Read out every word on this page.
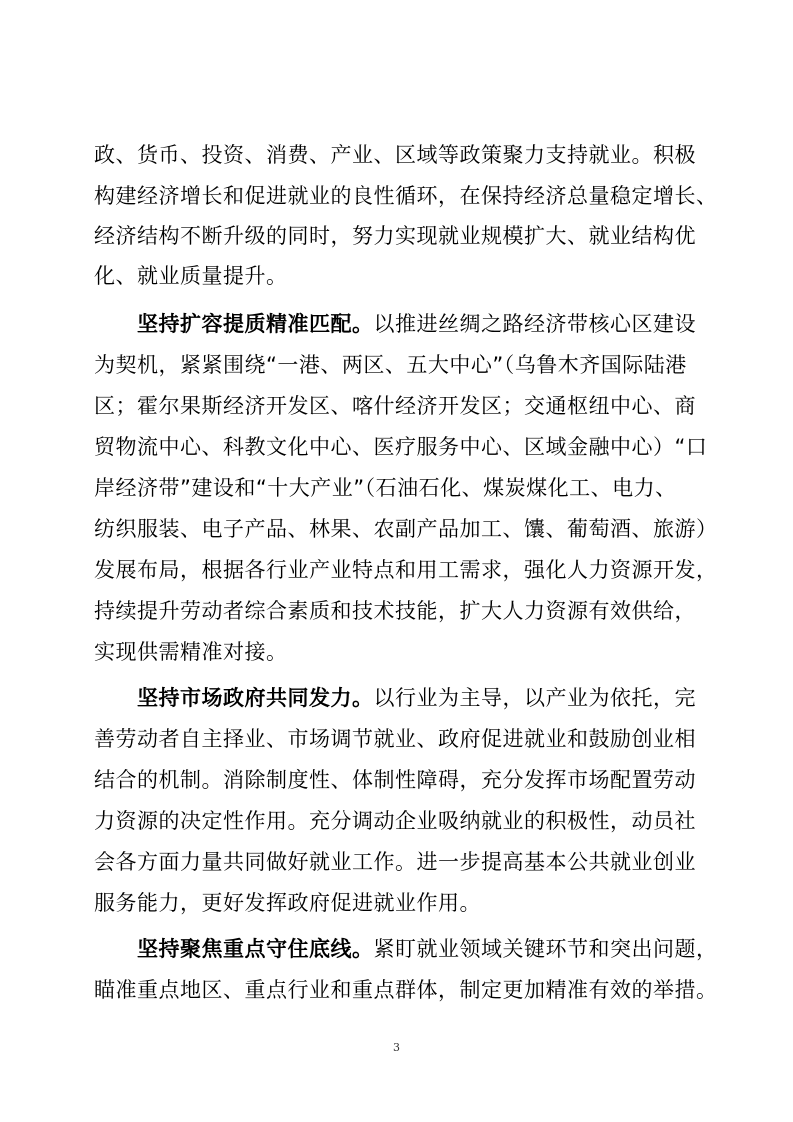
政、货币、投资、消费、产业、区域等政策聚力支持就业。积极
构建经济增长和促进就业的良性循环，在保持经济总量稳定增长、
经济结构不断升级的同时，努力实现就业规模扩大、就业结构优
化、就业质量提升。
坚持扩容提质精准匹配。以推进丝绸之路经济带核心区建设
为契机，紧紧围绕“一港、两区、五大中心”（乌鲁木齐国际陆港
区；霍尔果斯经济开发区、喀什经济开发区；交通枢纽中心、商
贸物流中心、科教文化中心、医疗服务中心、区域金融中心）“口
岸经济带”建设和“十大产业”（石油石化、煤炭煤化工、电力、
纺织服装、电子产品、林果、农副产品加工、馕、葡萄酒、旅游）
发展布局，根据各行业产业特点和用工需求，强化人力资源开发，
持续提升劳动者综合素质和技术技能，扩大人力资源有效供给，
实现供需精准对接。
坚持市场政府共同发力。以行业为主导，以产业为依托，完
善劳动者自主择业、市场调节就业、政府促进就业和鼓励创业相
结合的机制。消除制度性、体制性障碍，充分发挥市场配置劳动
力资源的决定性作用。充分调动企业吸纳就业的积极性，动员社
会各方面力量共同做好就业工作。进一步提高基本公共就业创业
服务能力，更好发挥政府促进就业作用。
坚持聚焦重点守住底线。紧盯就业领域关键环节和突出问题，
瞄准重点地区、重点行业和重点群体，制定更加精准有效的举措。
3
